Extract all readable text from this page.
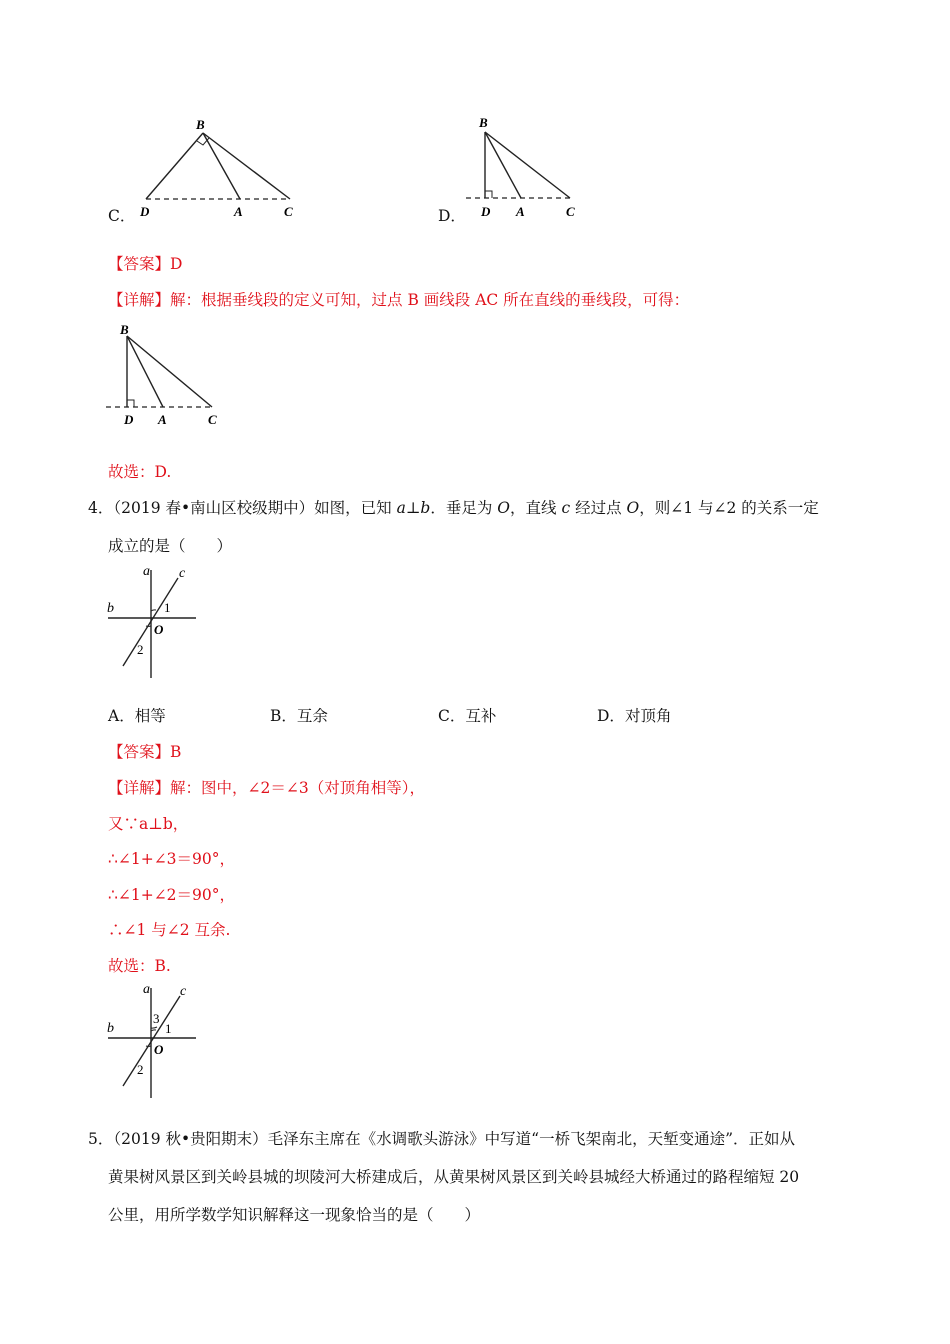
C．
B
D	A	C	D．
B
D A	C
【答案】D
【详解】解：根据垂线段的定义可知，过点 B 画线段 AC 所在直线的垂线段，可得：
B
D A	C
故选：D.
4．（2019 春•南山区校级期中）如图，已知 a⊥b．垂足为 O，直线 c 经过点 O，则∠1 与∠2 的关系一定
成立的是（　　）
a c
b	1
O
2
A．相等	B．互余	C．互补	D．对顶角
【答案】B
【详解】解：图中，∠2＝∠3（对顶角相等），
又∵a⊥b，
∴∠1+∠3＝90°，
∴∠1+∠2＝90°，
∴∠1 与∠2 互余.
故选：B.
a c
b
3
1
O
2
5．（2019 秋•贵阳期末）毛泽东主席在《水调歌头游泳》中写道“一桥飞架南北，天堑变通途”．正如从
黄果树风景区到关岭县城的坝陵河大桥建成后，从黄果树风景区到关岭县城经大桥通过的路程缩短 20
公里，用所学数学知识解释这一现象恰当的是（　　）
